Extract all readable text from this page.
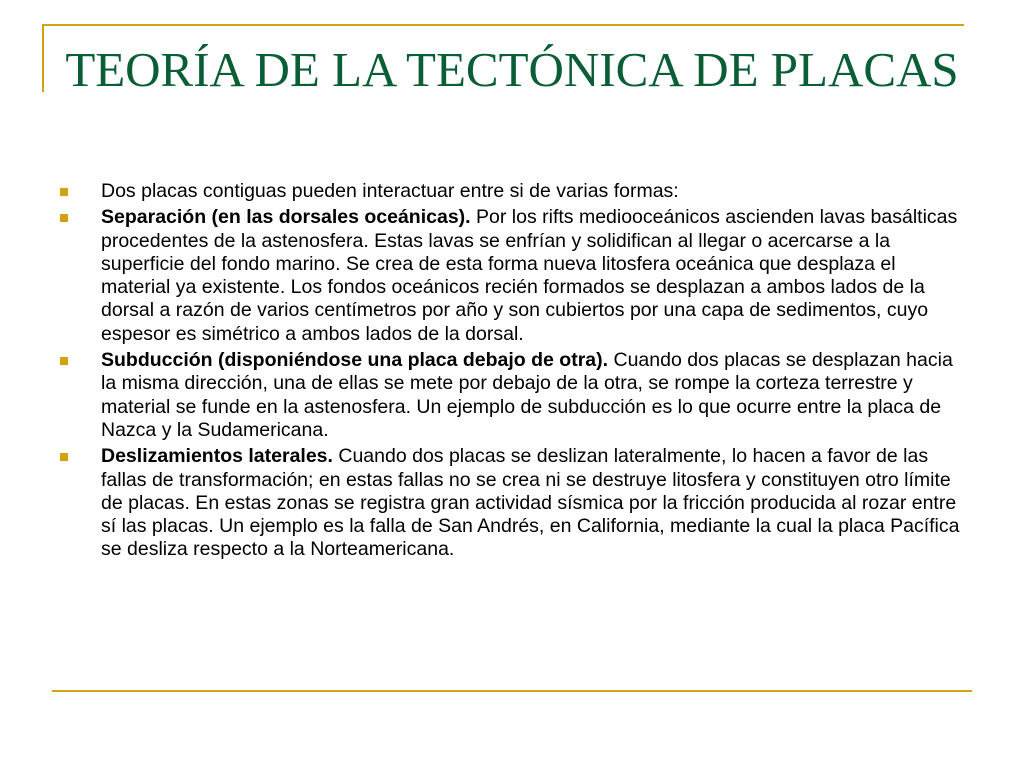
TEORÍA DE LA TECTÓNICA DE PLACAS
Dos placas contiguas pueden interactuar entre si de varias formas:
Separación (en las dorsales oceánicas). Por los rifts mediooceánicos ascienden lavas basálticas procedentes de la astenosfera. Estas lavas se enfrían y solidifican al llegar o acercarse a la superficie del fondo marino. Se crea de esta forma nueva litosfera oceánica que desplaza el material ya existente. Los fondos oceánicos recién formados se desplazan a ambos lados de la dorsal a razón de varios centímetros por año y son cubiertos por una capa de sedimentos, cuyo espesor es simétrico a ambos lados de la dorsal.
Subducción (disponiéndose una placa debajo de otra). Cuando dos placas se desplazan hacia la misma dirección, una de ellas se mete por debajo de la otra, se rompe la corteza terrestre y material se funde en la astenosfera. Un ejemplo de subducción es lo que ocurre entre la placa de Nazca y la Sudamericana.
Deslizamientos laterales. Cuando dos placas se deslizan lateralmente, lo hacen a favor de las fallas de transformación; en estas fallas no se crea ni se destruye litosfera y constituyen otro límite de placas. En estas zonas se registra gran actividad sísmica por la fricción producida al rozar entre sí las placas. Un ejemplo es la falla de San Andrés, en California, mediante la cual la placa Pacífica se desliza respecto a la Norteamericana.
